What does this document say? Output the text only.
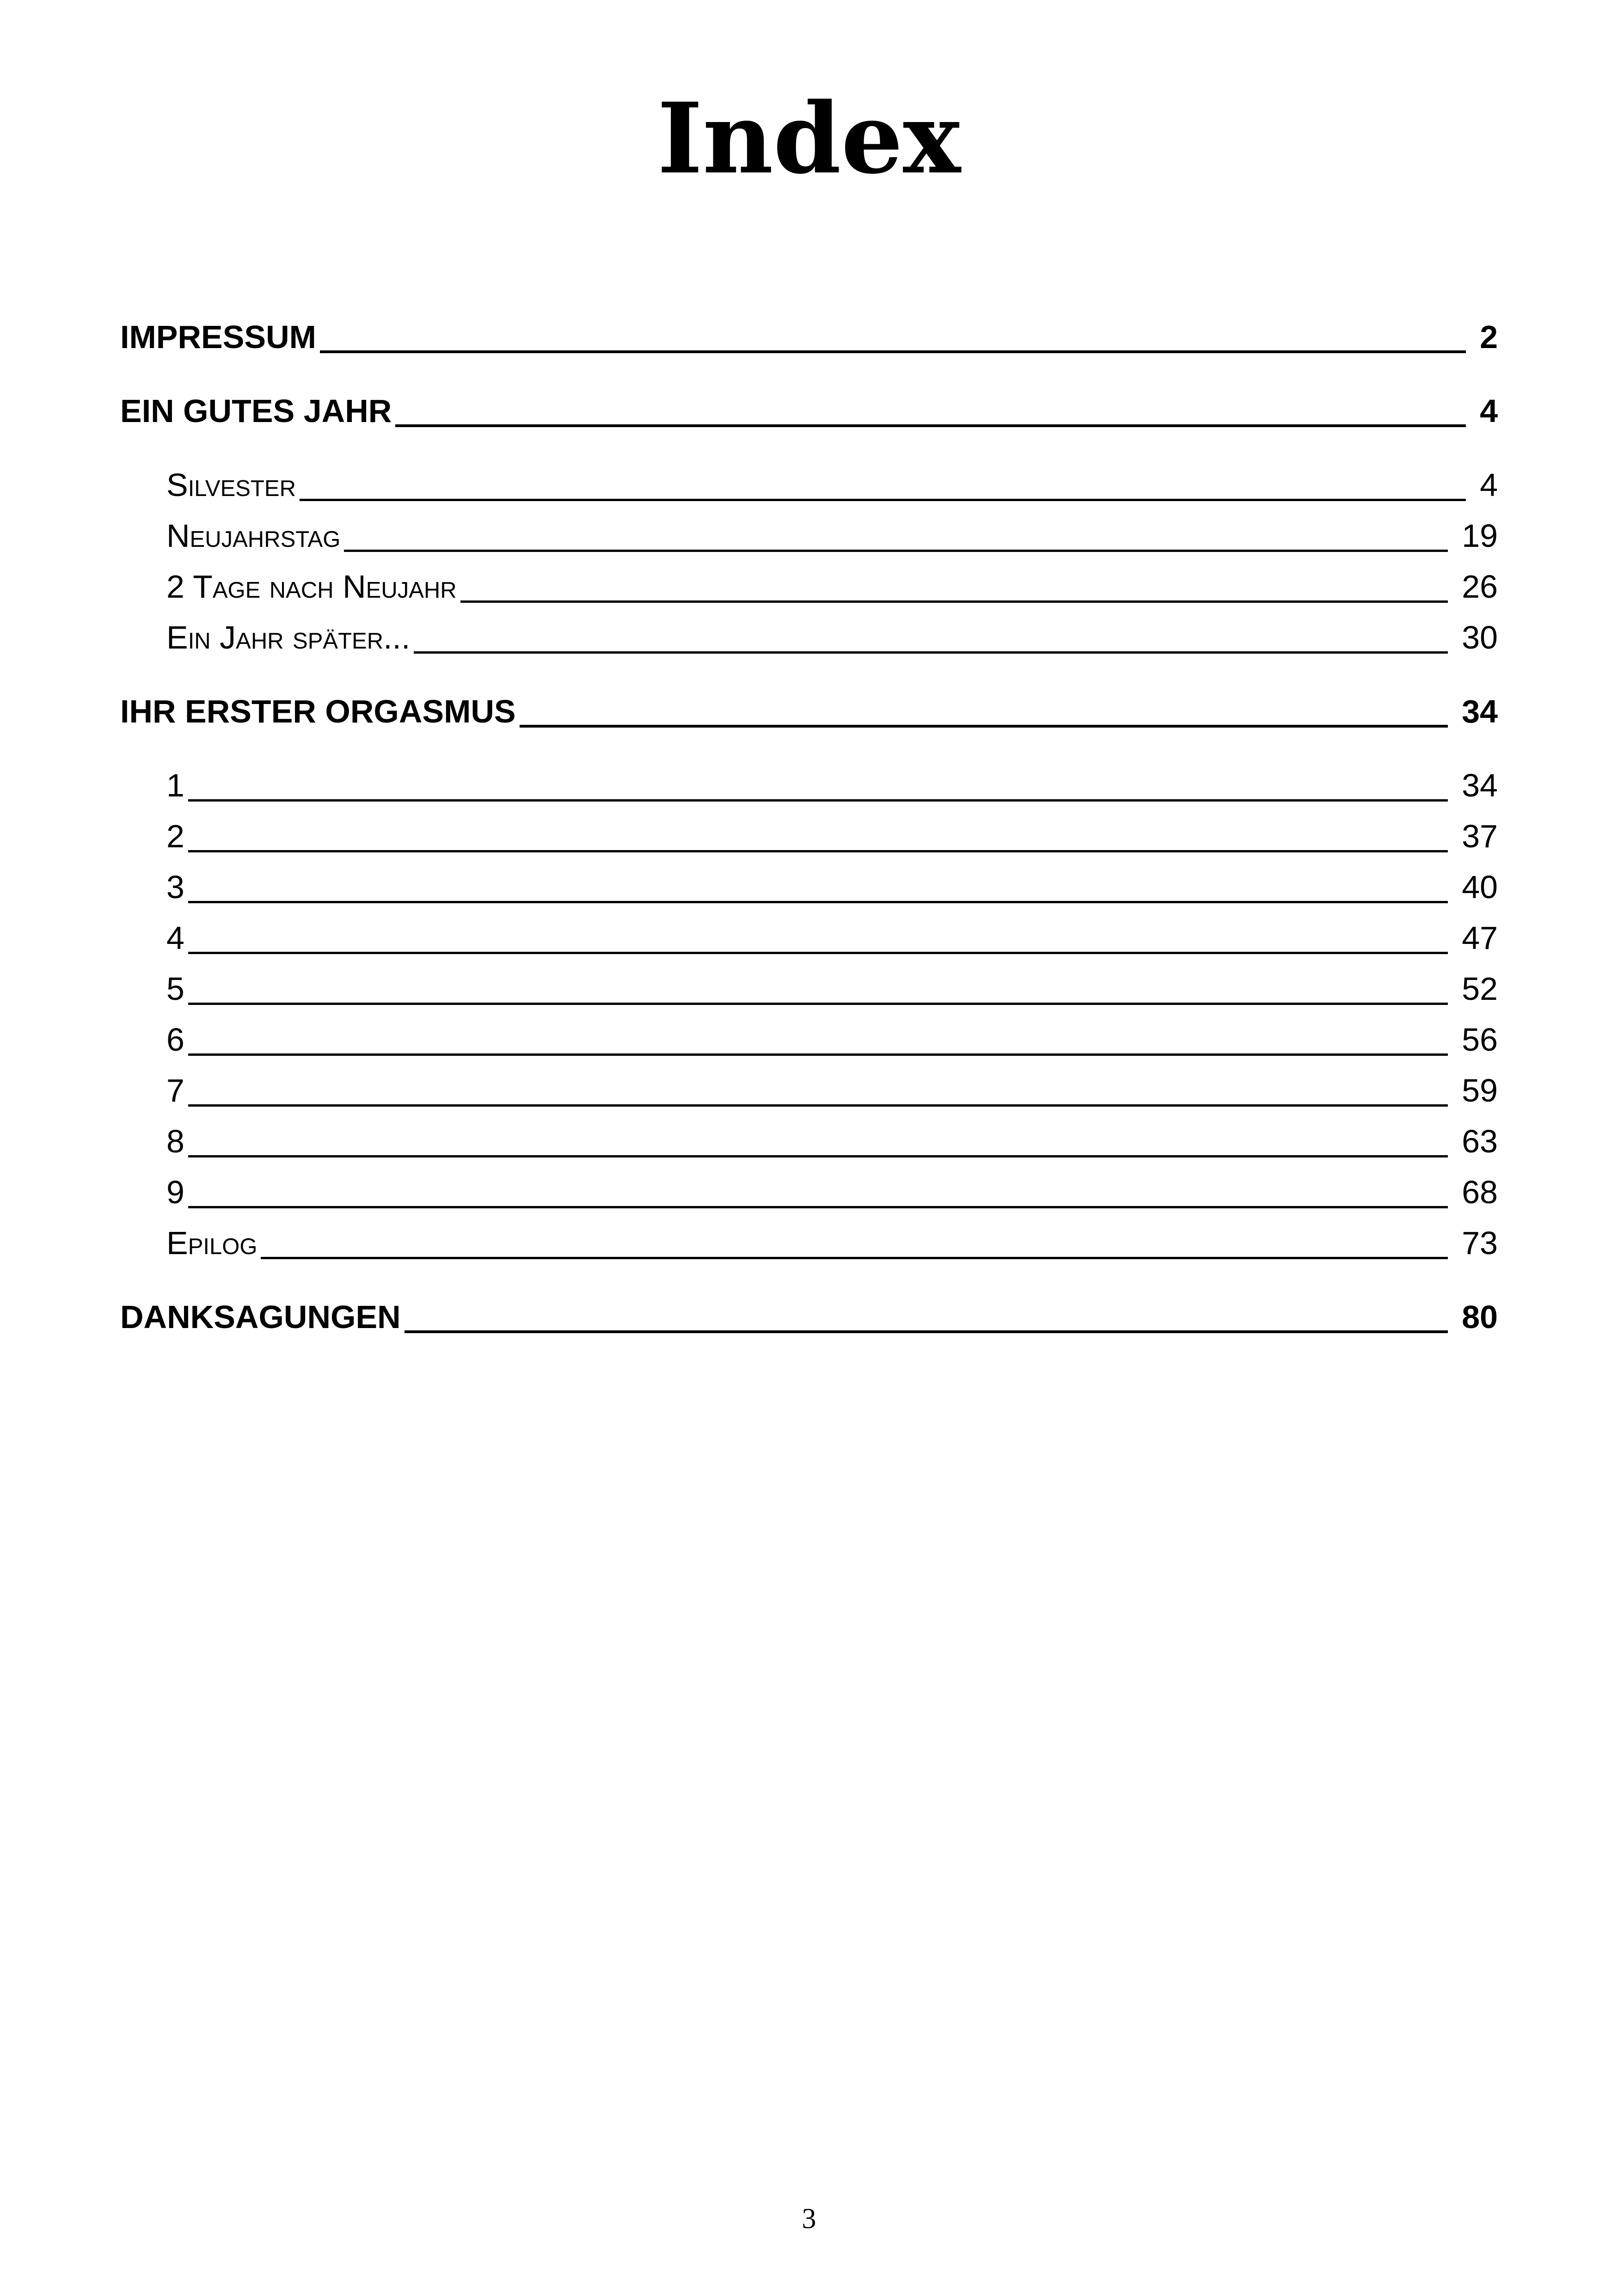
Index
IMPRESSUM	2
EIN GUTES JAHR	4
Silvester	4
Neujahrstag	19
2 Tage nach Neujahr	26
Ein Jahr später...	30
IHR ERSTER ORGASMUS	34
1	34
2	37
3	40
4	47
5	52
6	56
7	59
8	63
9	68
Epilog	73
DANKSAGUNGEN	80
3
